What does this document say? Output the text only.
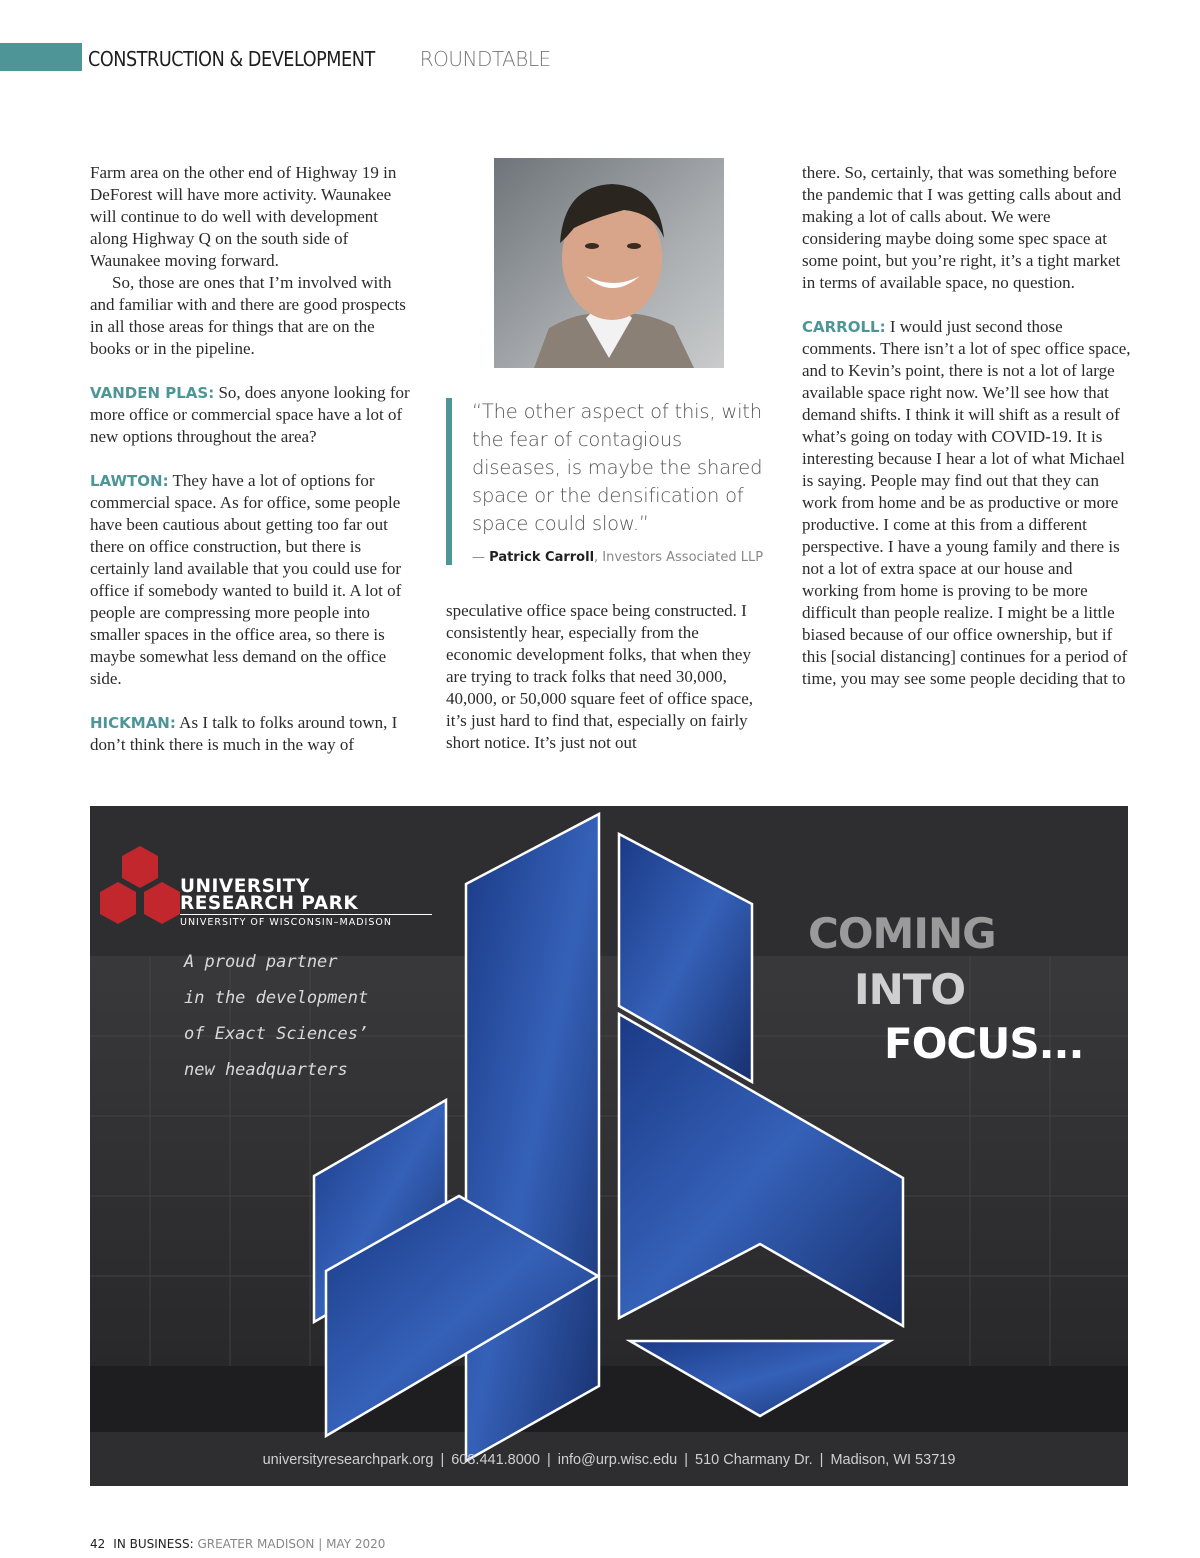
CONSTRUCTION & DEVELOPMENT ROUNDTABLE

Farm area on the other end of Highway 19 in DeForest will have more activity. Waunakee will continue to do well with development along Highway Q on the south side of Waunakee moving forward.

So, those are ones that I’m involved with and familiar with and there are good prospects in all those areas for things that are on the books or in the pipeline.

VANDEN PLAS: So, does anyone looking for more office or commercial space have a lot of new options throughout the area?

LAWTON: They have a lot of options for commercial space. As for office, some people have been cautious about getting too far out there on office construction, but there is certainly land available that you could use for office if somebody wanted to build it. A lot of people are compressing more people into smaller spaces in the office area, so there is maybe somewhat less demand on the office side.

HICKMAN: As I talk to folks around town, I don’t think there is much in the way of

“The other aspect of this, with the fear of contagious diseases, is maybe the shared space or the densification of space could slow.”
— Patrick Carroll, Investors Associated LLP

speculative office space being constructed. I consistently hear, especially from the economic development folks, that when they are trying to track folks that need 30,000, 40,000, or 50,000 square feet of office space, it’s just hard to find that, especially on fairly short notice. It’s just not out

there. So, certainly, that was something before the pandemic that I was getting calls about and making a lot of calls about. We were considering maybe doing some spec space at some point, but you’re right, it’s a tight market in terms of available space, no question.

CARROLL: I would just second those comments. There isn’t a lot of spec office space, and to Kevin’s point, there is not a lot of large available space right now. We’ll see how that demand shifts. I think it will shift as a result of what’s going on today with COVID-19. It is interesting because I hear a lot of what Michael is saying. People may find out that they can work from home and be as productive or more productive. I come at this from a different perspective. I have a young family and there is not a lot of extra space at our house and working from home is proving to be more difficult than people realize. I might be a little biased because of our office ownership, but if this [social distancing] continues for a period of time, you may see some people deciding that to

UNIVERSITY
RESEARCH PARK
UNIVERSITY OF WISCONSIN–MADISON
A proud partner
in the development
of Exact Sciences’
new headquarters
COMING
INTO
FOCUS...
universityresearchpark.org | 608.441.8000 | info@urp.wisc.edu | 510 Charmany Dr. | Madison, WI 53719
42 IN BUSINESS: GREATER MADISON | MAY 2020
